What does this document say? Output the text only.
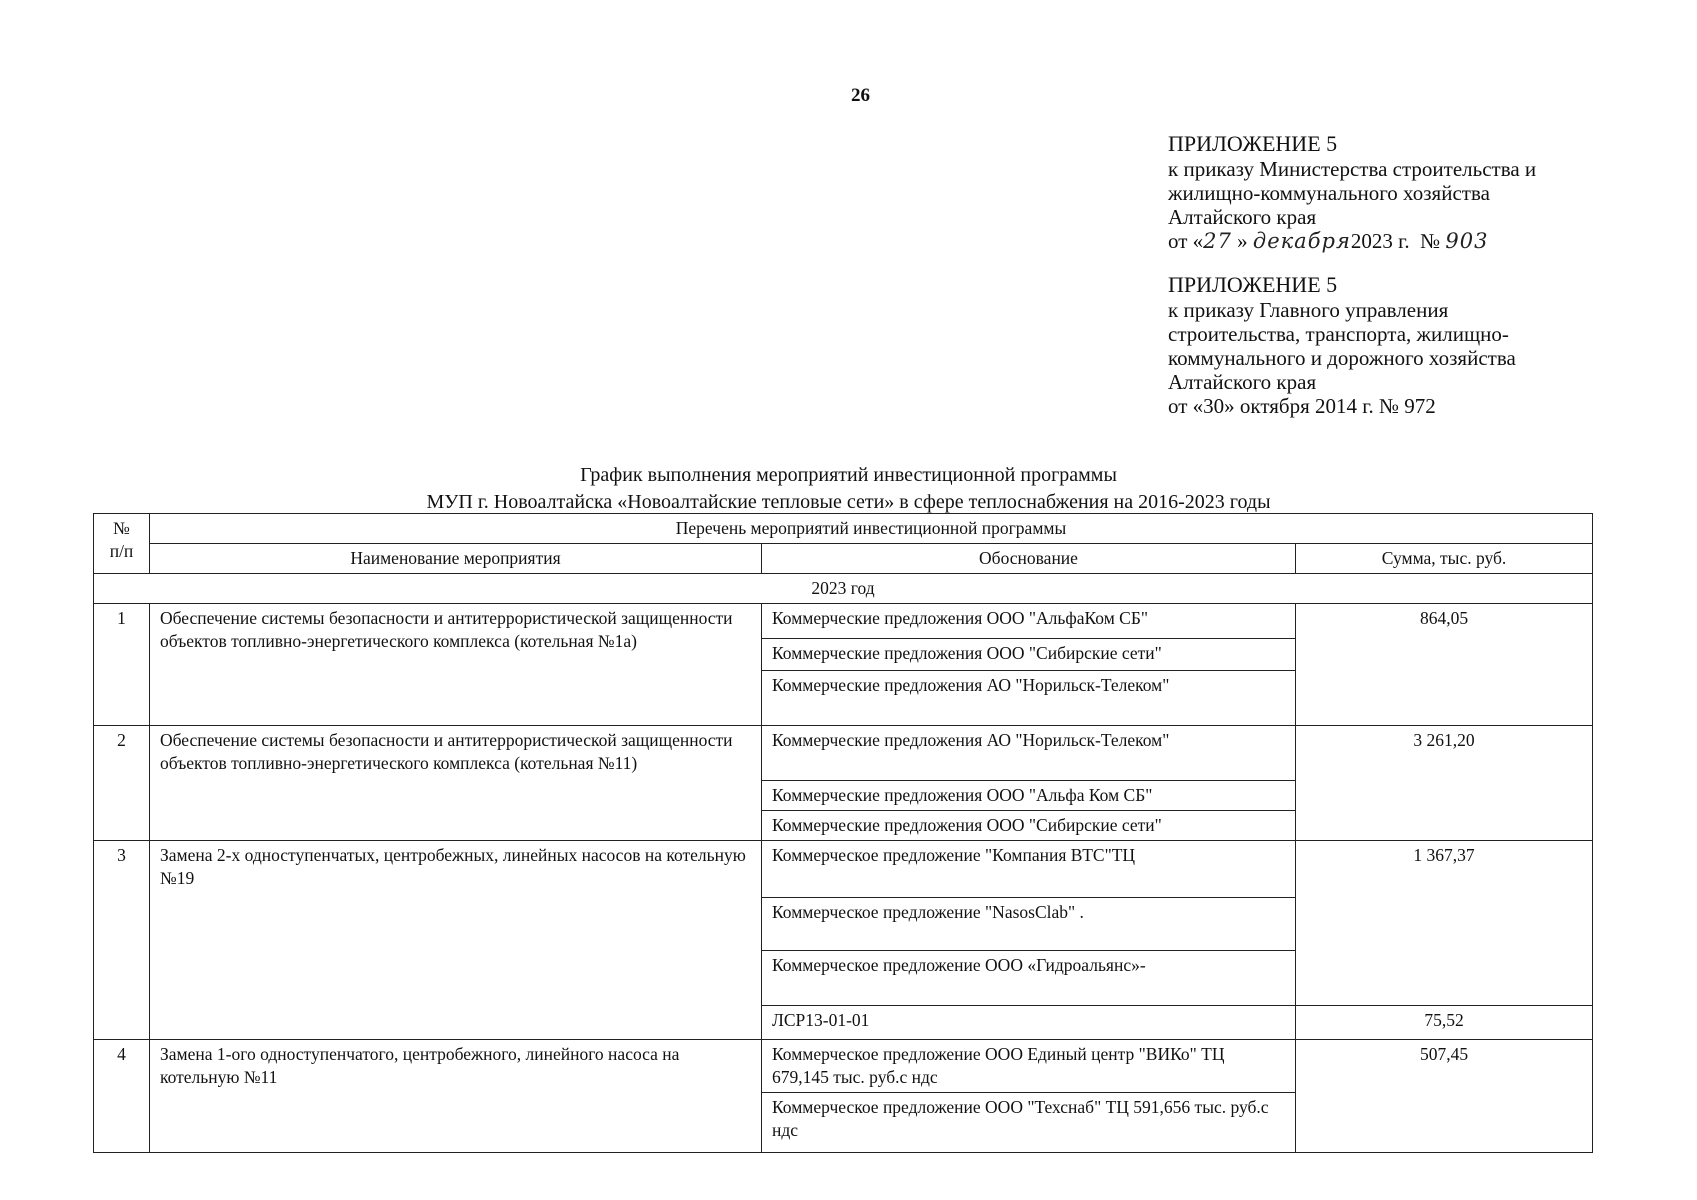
26
ПРИЛОЖЕНИЕ 5
к приказу Министерства строительства и
жилищно-коммунального хозяйства
Алтайского края
от «27 » декабря2023 г. № 903
ПРИЛОЖЕНИЕ 5
к приказу Главного управления
строительства, транспорта, жилищно-
коммунального и дорожного хозяйства
Алтайского края
от «30» октября 2014 г. № 972
График выполнения мероприятий инвестиционной программы
МУП г. Новоалтайска «Новоалтайские тепловые сети» в сфере теплоснабжения на 2016-2023 годы
№ п/п	Перечень мероприятий инвестиционной программы		
	Наименование мероприятия	Обоснование	Сумма, тыс. руб.
2023 год			
1	Обеспечение системы безопасности и антитеррористической защищенности объектов топливно-энергетического комплекса (котельная №1а)	Коммерческие предложения ООО "АльфаКом СБ"	864,05
		Коммерческие предложения ООО "Сибирские сети"	
		Коммерческие предложения АО "Норильск-Телеком"	
2	Обеспечение системы безопасности и антитеррористической защищенности объектов топливно-энергетического комплекса (котельная №11)	Коммерческие предложения АО "Норильск-Телеком"	3 261,20
		Коммерческие предложения ООО "Альфа Ком СБ"	
		Коммерческие предложения ООО "Сибирские сети"	
3	Замена 2-х одноступенчатых, центробежных, линейных насосов на котельную №19	Коммерческое предложение "Компания ВТС"ТЦ	1 367,37
		Коммерческое предложение "NasosClab" .	
		Коммерческое предложение ООО «Гидроальянс»-	
		ЛСР13-01-01	75,52
4	Замена 1-ого одноступенчатого, центробежного, линейного насоса на котельную №11	Коммерческое предложение ООО Единый центр "ВИКо" ТЦ 679,145 тыс. руб.с ндс	507,45
		Коммерческое предложение ООО "Техснаб" ТЦ 591,656 тыс. руб.с ндс	
